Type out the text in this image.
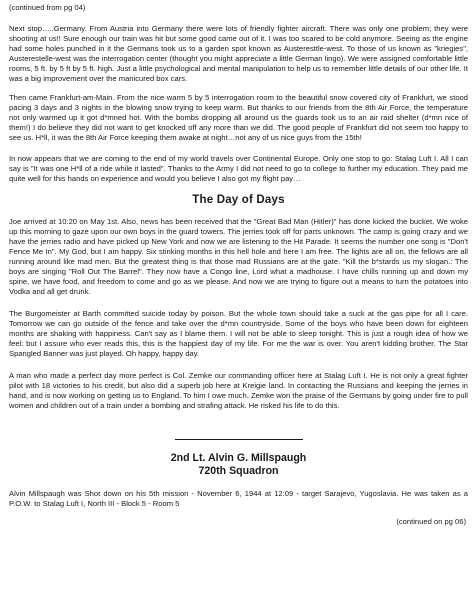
(continued from pg 04)

Next stop…..Germany. From Austria into Germany there were lots of friendly fighter aircraft. There was only one problem; they were shooting at us!! Sure enough our train was hit but some good came out of it. I was too scared to be cold anymore. Seeing as the engine had some holes punched in it the Germans took us to a garden spot known as Austeresttle-west. To those of us known as "kriegies", Austerestelle-west was the interrogation center (thought you might appreciate a little German lingo). We were assigned comfortable little rooms, 5 ft. by 5 ft by 5 ft. high. Just a little psychological and mental manipulation to help us to remember little details of our other life. It was a big improvement over the manicured box cars.

Then came Frankfurt-am-Main. From the nice warm 5 by 5 interrogation room to the beautiful snow covered city of Frankfurt, we stood pacing 3 days and 3 nights in the blowing snow trying to keep warm. But thanks to our friends from the 8th Air Force, the temperature not only warmed up it got d*mned hot. With the bombs dropping all around us the guards took us to an air raid shelter (d*mn nice of them!) I do believe they did not want to get knocked off any more than we did. The good people of Frankfurt did not seem too happy to see us. H*ll, it was the 8th Air Force keeping them awake at night…not any of us nice guys from the 15th!

In now appears that we are coming to the end of my world travels over Continental Europe. Only one stop to go: Stalag Luft I. All I can say is "It was one H*ll of a ride while it lasted". Thanks to the Army I did not need to go to college to further my education. They paid me quite well for this hands on experience and would you believe I also got my flight pay…

The Day of Days

Joe arrived at 10:20 on May 1st. Also, news has been received that the "Great Bad Man (Hitler)" has done kicked the bucket. We woke up this morning to gaze upon our own boys in the guard towers. The jerries took off for parts unknown. The camp is going crazy and we have the jerries radio and have picked up New York and now we are listening to the Hit Parade. It seems the number one song is "Don't Fence Me In". My God, but I am happy. Six stinking months in this hell hole and here I am free. The lights are all on, the fellows are all running around like mad men. But the greatest thing is that those mad Russians are at the gate. "Kill the b*stards us my slogan.: The boys are singing "Roll Out The Barrel". They now have a Congo line, Lord what a madhouse. I have chills running up and down my spine, we have food, and freedom to come and go as we please. And now we are trying to figure out a means to turn the potatoes into Vodka and all get drunk.

The Burgomeister at Barth committed suicide today by poison. But the whole town should take a suck at the gas pipe for all I care. Tomorrow we can go outside of the fence and take over the d*mn countryside. Some of the boys who have been down for eighteen months are shaking with happiness. Can't say as I blame them. I will not be able to sleep tonight. This is just a rough idea of how we feel: but I assure who ever reads this, this is the happiest day of my life. For me the war is over. You aren't kidding brother. The Star Spangled Banner was just played. Oh happy, happy day.

A man who made a perfect day more perfect is Col. Zemke our commanding officer here at Stalag Luft I. He is not only a great fighter pilot with 18 victories to his credit, but also did a superb job here at Kreigie land. In contacting the Russians and keeping the jerries in hand, and is now working on getting us to England. To him I owe much. Zemke won the praise of the Germans by going under fire to pull women and children out of a train under a bombing and strafing attack. He risked his life to do this.

2nd Lt. Alvin G. Millspaugh
720th Squadron

Alvin Millspaugh was Shot down on his 5th mission - November 6, 1944 at 12:09 - target Sarajevo, Yugoslavia. He was taken as a P.O.W. to Stalag Luft I, North III - Block 5 - Room 5

(continued on pg 06)
